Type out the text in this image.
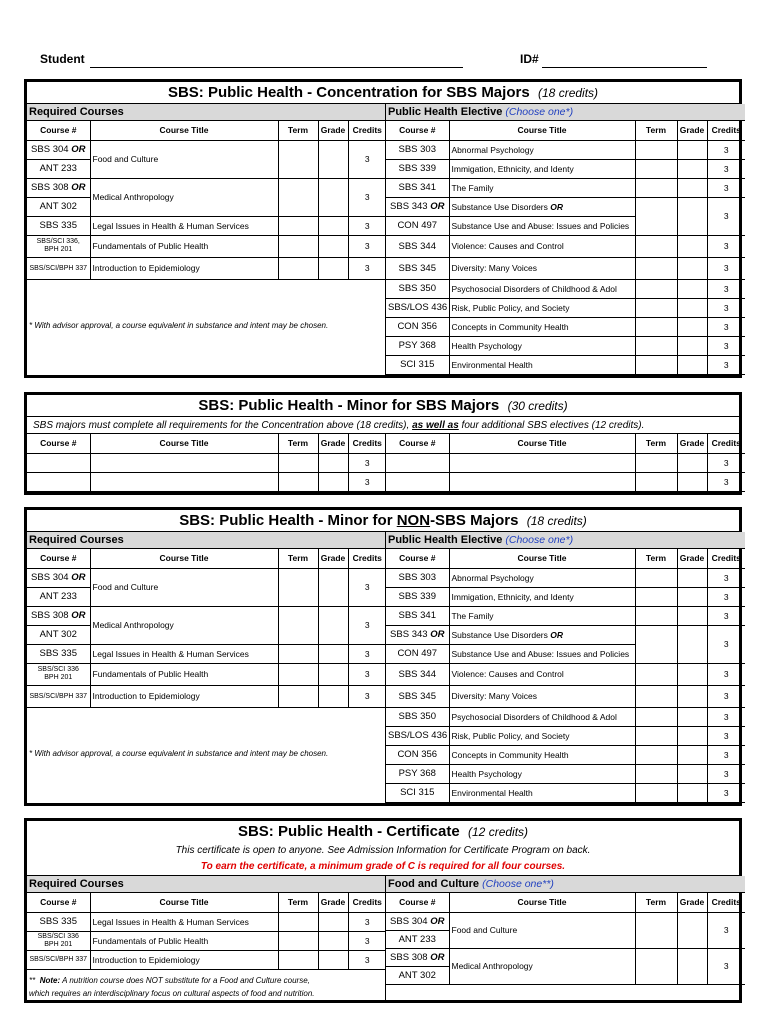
Student	ID#
SBS: Public Health - Concentration for SBS Majors (18 credits)
Required Courses
Course #	Course Title	Term	Grade	Credits
SBS 304 OR	Food and Culture			3
ANT 233				
SBS 308 OR	Medical Anthropology			3
ANT 302				
SBS 335	Legal Issues in Health & Human Services			3

SBS/SCI 336,
BPH 201	Fundamentals of Public Health			3
SBS/SCI/BPH 337	Introduction to Epidemiology			3
* With advisor approval, a course equivalent in substance and intent may be chosen.
Public Health Elective (Choose one*)
Course #	Course Title	Term	Grade	Credits
SBS 303	Abnormal Psychology			3
SBS 339	Immigation, Ethnicity, and Identy			3
SBS 341	The Family			3
SBS 343 OR	Substance Use Disorders OR			3
CON 497	Substance Use and Abuse: Issues and Policies			
SBS 344	Violence: Causes and Control			3
SBS 345	Diversity: Many Voices			3
SBS 350	Psychosocial Disorders of Childhood & Adol			3
SBS/LOS 436	Risk, Public Policy, and Society			3
CON 356	Concepts in Community Health			3
PSY 368	Health Psychology			3
SCI 315	Environmental Health			3
SBS: Public Health - Minor for SBS Majors (30 credits)
SBS majors must complete all requirements for the Concentration above (18 credits), as well as four additional SBS electives (12 credits).
Course #	Course Title	Term	Grade	Credits
				3
				3
Course #	Course Title	Term	Grade	Credits
				3
				3
SBS: Public Health - Minor for NON-SBS Majors (18 credits)
Required Courses
Course #	Course Title	Term	Grade	Credits
SBS 304 OR	Food and Culture			3
ANT 233				
SBS 308 OR	Medical Anthropology			3
ANT 302				
SBS 335	Legal Issues in Health & Human Services			3

SBS/SCI 336
BPH 201	Fundamentals of Public Health			3
SBS/SCI/BPH 337	Introduction to Epidemiology			3
* With advisor approval, a course equivalent in substance and intent may be chosen.
Public Health Elective (Choose one*)
Course #	Course Title	Term	Grade	Credits
SBS 303	Abnormal Psychology			3
SBS 339	Immigation, Ethnicity, and Identy			3
SBS 341	The Family			3
SBS 343 OR	Substance Use Disorders OR			3
CON 497	Substance Use and Abuse: Issues and Policies			
SBS 344	Violence: Causes and Control			3
SBS 345	Diversity: Many Voices			3
SBS 350	Psychosocial Disorders of Childhood & Adol			3
SBS/LOS 436	Risk, Public Policy, and Society			3
CON 356	Concepts in Community Health			3
PSY 368	Health Psychology			3
SCI 315	Environmental Health			3
SBS: Public Health - Certificate (12 credits)
This certificate is open to anyone. See Admission Information for Certificate Program on back.
To earn the certificate, a minimum grade of C is required for all four courses.
Required Courses
Course #	Course Title	Term	Grade	Credits
SBS 335	Legal Issues in Health & Human Services			3

SBS/SCI 336
BPH 201	Fundamentals of Public Health			3
SBS/SCI/BPH 337	Introduction to Epidemiology			3
** Note: A nutrition course does NOT substitute for a Food and Culture course,
which requires an interdisciplinary focus on cultural aspects of food and nutrition.
Food and Culture (Choose one**)
Course #	Course Title	Term	Grade	Credits
SBS 304 OR	Food and Culture			3
ANT 233				
SBS 308 OR	Medical Anthropology			3
ANT 302				
